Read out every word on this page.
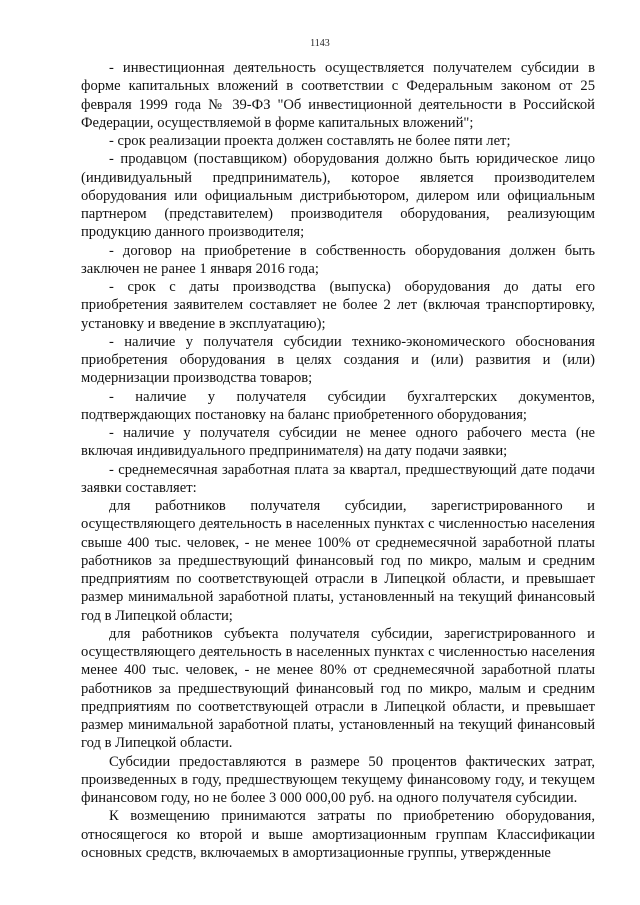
1143

- инвестиционная деятельность осуществляется получателем субсидии в форме капитальных вложений в соответствии с Федеральным законом от 25 февраля 1999 года № 39-ФЗ "Об инвестиционной деятельности в Российской Федерации, осуществляемой в форме капитальных вложений";

- срок реализации проекта должен составлять не более пяти лет;

- продавцом (поставщиком) оборудования должно быть юридическое лицо (индивидуальный предприниматель), которое является производителем оборудования или официальным дистрибьютором, дилером или официальным партнером (представителем) производителя оборудования, реализующим продукцию данного производителя;

- договор на приобретение в собственность оборудования должен быть заключен не ранее 1 января 2016 года;

- срок с даты производства (выпуска) оборудования до даты его приобретения заявителем составляет не более 2 лет (включая транспортировку, установку и введение в эксплуатацию);

- наличие у получателя субсидии технико-экономического обоснования приобретения оборудования в целях создания и (или) развития и (или) модернизации производства товаров;

- наличие у получателя субсидии бухгалтерских документов, подтверждающих постановку на баланс приобретенного оборудования;

- наличие у получателя субсидии не менее одного рабочего места (не включая индивидуального предпринимателя) на дату подачи заявки;

- среднемесячная заработная плата за квартал, предшествующий дате подачи заявки составляет:

для работников получателя субсидии, зарегистрированного и осуществляющего деятельность в населенных пунктах с численностью населения свыше 400 тыс. человек, - не менее 100% от среднемесячной заработной платы работников за предшествующий финансовый год по микро, малым и средним предприятиям по соответствующей отрасли в Липецкой области, и превышает размер минимальной заработной платы, установленный на текущий финансовый год в Липецкой области;

для работников субъекта получателя субсидии, зарегистрированного и осуществляющего деятельность в населенных пунктах с численностью населения менее 400 тыс. человек, - не менее 80% от среднемесячной заработной платы работников за предшествующий финансовый год по микро, малым и средним предприятиям по соответствующей отрасли в Липецкой области, и превышает размер минимальной заработной платы, установленный на текущий финансовый год в Липецкой области.

Субсидии предоставляются в размере 50 процентов фактических затрат, произведенных в году, предшествующем текущему финансовому году, и текущем финансовом году, но не более 3 000 000,00 руб. на одного получателя субсидии.

К возмещению принимаются затраты по приобретению оборудования, относящегося ко второй и выше амортизационным группам Классификации основных средств, включаемых в амортизационные группы, утвержденные
